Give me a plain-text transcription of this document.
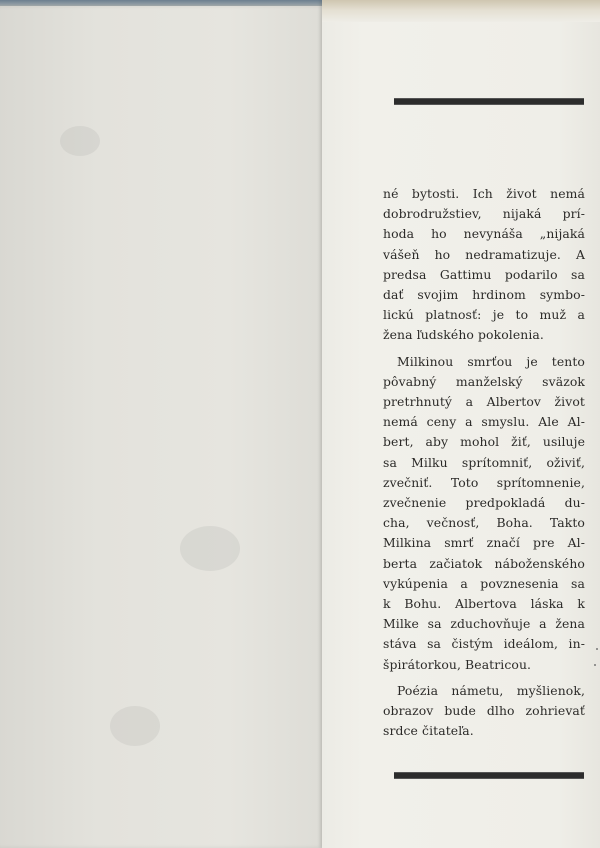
né bytosti. Ich život nemá
dobrodružstiev, nijaká prí-
hoda ho nevynáša „nijaká
vášeň ho nedramatizuje. A
predsa Gattimu podarilo sa
dať svojim hrdinom symbo-
lickú platnosť: je to muž a
žena ľudského pokolenia.
Milkinou smrťou je tento
pôvabný manželský sväzok
pretrhnutý a Albertov život
nemá ceny a smyslu. Ale Al-
bert, aby mohol žiť, usiluje
sa Milku sprítomniť, oživiť,
zvečniť. Toto sprítomnenie,
zvečnenie predpokladá du-
cha, večnosť, Boha. Takto
Milkina smrť značí pre Al-
berta začiatok náboženského
vykúpenia a povznesenia sa
k Bohu. Albertova láska k
Milke sa zduchovňuje a žena
stáva sa čistým ideálom, in-
špirátorkou, Beatricou.
Poézia námetu, myšlienok,
obrazov bude dlho zohrievať
srdce čitateľa.
